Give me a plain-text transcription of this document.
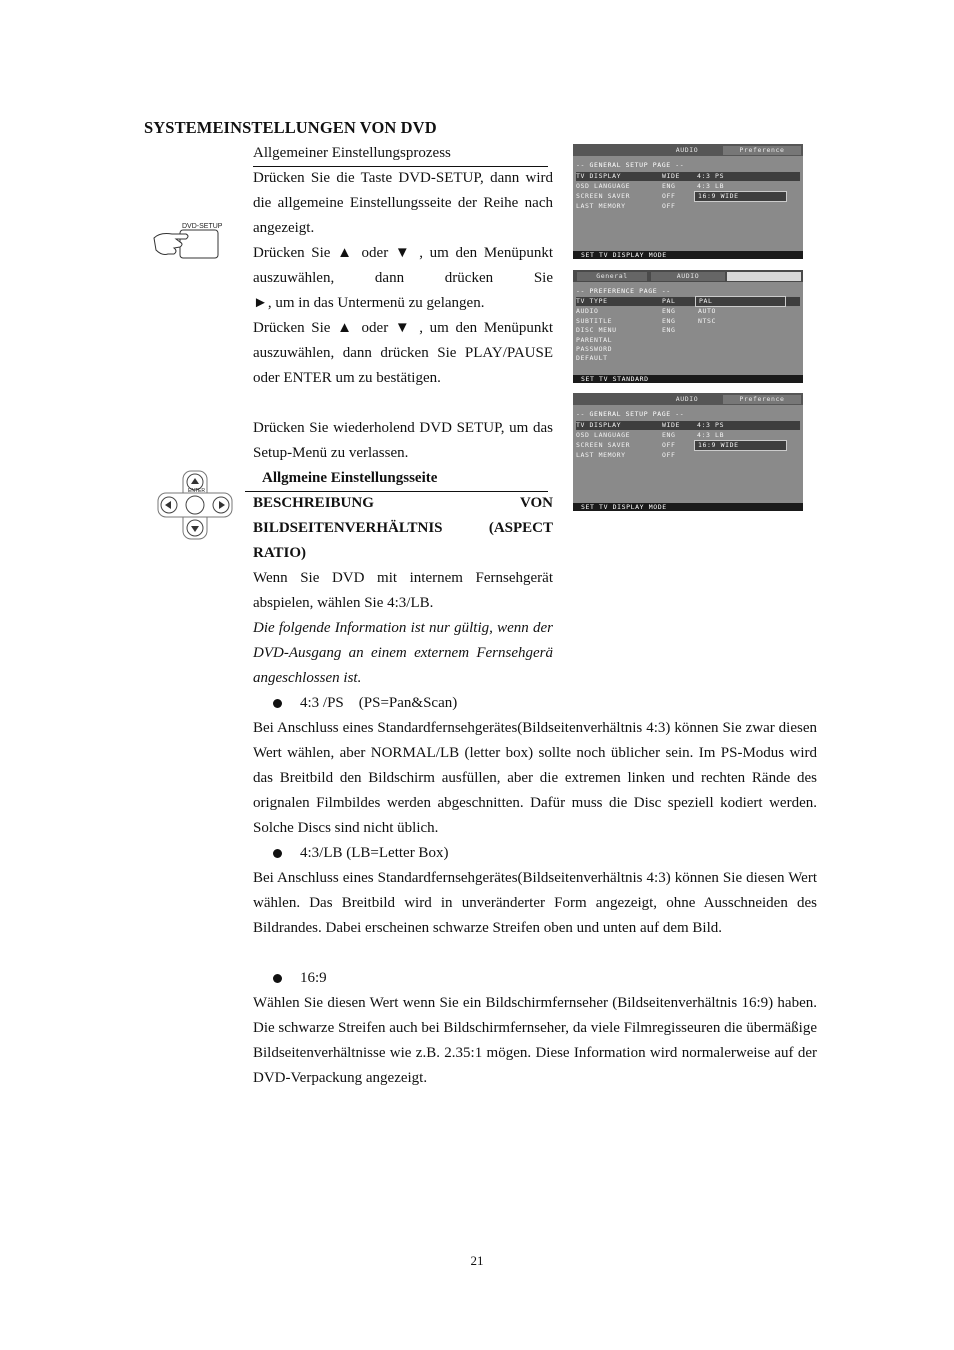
SYSTEMEINSTELLUNGEN VON DVD
Allgemeiner Einstellungsprozess
Drücken Sie die Taste DVD-SETUP, dann wird die allgemeine Einstellungsseite der Reihe nach angezeigt.
Drücken Sie ▲ oder ▼ , um den Menüpunkt auszuwählen, dann drücken Sie
►, um in das Untermenü zu gelangen.
Drücken Sie ▲ oder ▼ , um den Menüpunkt auszuwählen, dann drücken Sie PLAY/PAUSE oder ENTER um zu bestätigen.
Drücken Sie wiederholend DVD SETUP, um das Setup-Menü zu verlassen.
Allgmeine Einstellungsseite
BESCHREIBUNG VON BILDSEITENVERHÄLTNIS (ASPECT RATIO)
Wenn Sie DVD mit internem Fernsehgerät abspielen, wählen Sie 4:3/LB.
Die folgende Information ist nur gültig, wenn der DVD-Ausgang an einem externem Fernsehgerä angeschlossen ist.
4:3 /PS    (PS=Pan&Scan)
Bei Anschluss eines Standardfernsehgerätes(Bildseitenverhältnis 4:3) können Sie zwar diesen Wert wählen, aber NORMAL/LB (letter box) sollte noch üblicher sein. Im PS-Modus wird das Breitbild den Bildschirm ausfüllen, aber die extremen linken und rechten Rände des orignalen Filmbildes werden abgeschnitten. Dafür muss die Disc speziell kodiert werden. Solche Discs sind nicht üblich.
4:3/LB (LB=Letter Box)
Bei Anschluss eines Standardfernsehgerätes(Bildseitenverhältnis 4:3) können Sie diesen Wert wählen. Das Breitbild wird in unveränderter Form angezeigt, ohne Ausschneiden des Bildrandes. Dabei erscheinen schwarze Streifen oben und unten auf dem Bild.
16:9
Wählen Sie diesen Wert wenn Sie ein Bildschirmfernseher (Bildseitenverhältnis 16:9) haben. Die schwarze Streifen auch bei Bildschirmfernseher, da viele Filmregisseuren die übermäßige Bildseitenverhältnisse wie z.B. 2.35:1 mögen. Diese Information wird normalerweise auf der DVD-Verpackung angezeigt.
21
DVD-SETUP
ENTER
AUDIO	Preference
-- GENERAL SETUP PAGE --
TV DISPLAY	WIDE
OSD LANGUAGE	ENG
SCREEN SAVER	OFF
LAST MEMORY	OFF
4:3 PS
4:3 LB
16:9 WIDE
SET TV DISPLAY MODE
General	AUDIO
-- PREFERENCE PAGE --
TV TYPE	PAL
AUDIO	ENG
SUBTITLE	ENG
DISC MENU	ENG
PARENTAL
PASSWORD
DEFAULT
PAL
AUTO
NTSC
SET TV STANDARD
AUDIO	Preference
-- GENERAL SETUP PAGE --
TV DISPLAY	WIDE
OSD LANGUAGE	ENG
SCREEN SAVER	OFF
LAST MEMORY	OFF
4:3 PS
4:3 LB
16:9 WIDE
SET TV DISPLAY MODE
